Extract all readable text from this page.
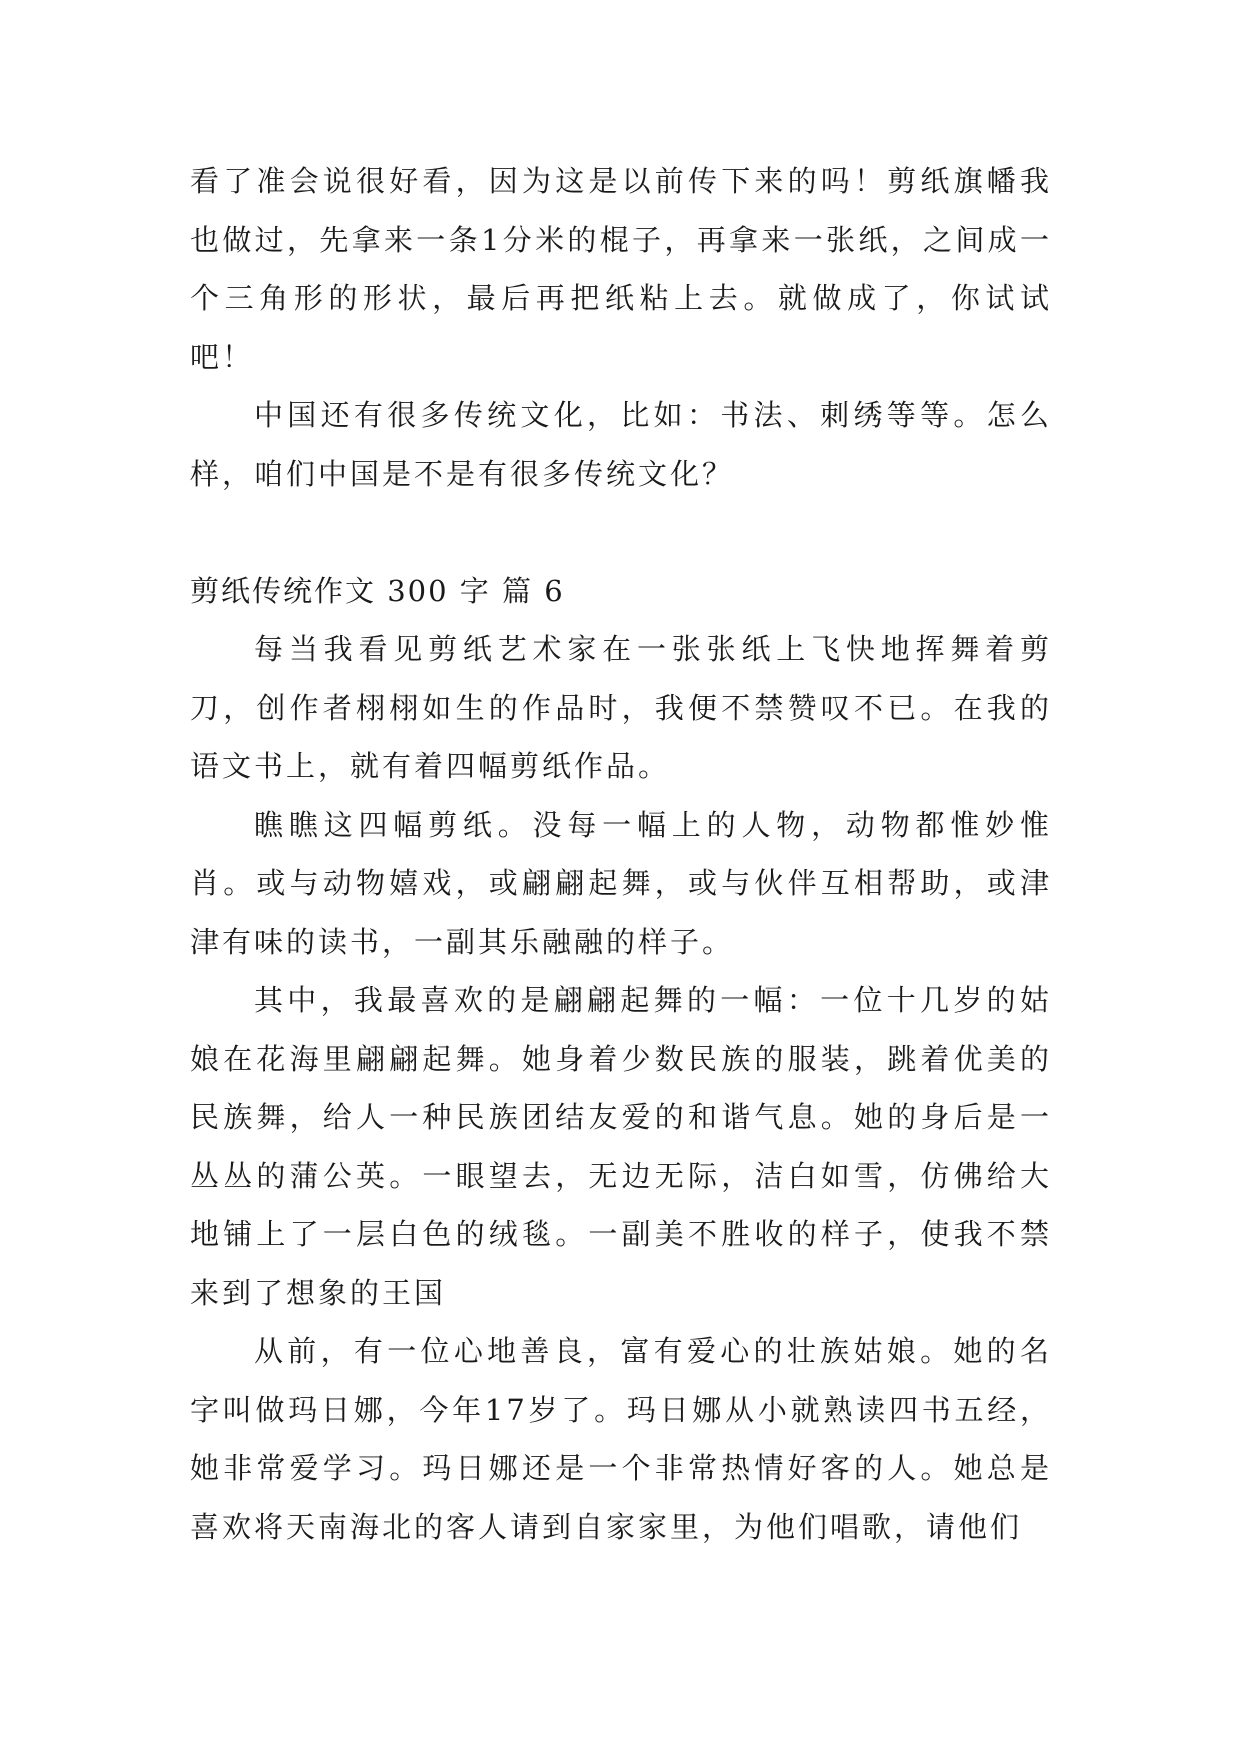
看了准会说很好看，因为这是以前传下来的吗！剪纸旗幡我也做过，先拿来一条1分米的棍子，再拿来一张纸，之间成一个三角形的形状，最后再把纸粘上去。就做成了，你试试吧！

中国还有很多传统文化，比如：书法、刺绣等等。怎么样，咱们中国是不是有很多传统文化？

剪纸传统作文 300 字 篇 6

每当我看见剪纸艺术家在一张张纸上飞快地挥舞着剪刀，创作者栩栩如生的作品时，我便不禁赞叹不已。在我的语文书上，就有着四幅剪纸作品。

瞧瞧这四幅剪纸。没每一幅上的人物，动物都惟妙惟肖。或与动物嬉戏，或翩翩起舞，或与伙伴互相帮助，或津津有味的读书，一副其乐融融的样子。

其中，我最喜欢的是翩翩起舞的一幅：一位十几岁的姑娘在花海里翩翩起舞。她身着少数民族的服装，跳着优美的民族舞，给人一种民族团结友爱的和谐气息。她的身后是一丛丛的蒲公英。一眼望去，无边无际，洁白如雪，仿佛给大地铺上了一层白色的绒毯。一副美不胜收的样子，使我不禁来到了想象的王国

从前，有一位心地善良，富有爱心的壮族姑娘。她的名字叫做玛日娜，今年17岁了。玛日娜从小就熟读四书五经，她非常爱学习。玛日娜还是一个非常热情好客的人。她总是喜欢将天南海北的客人请到自家家里，为他们唱歌，请他们
